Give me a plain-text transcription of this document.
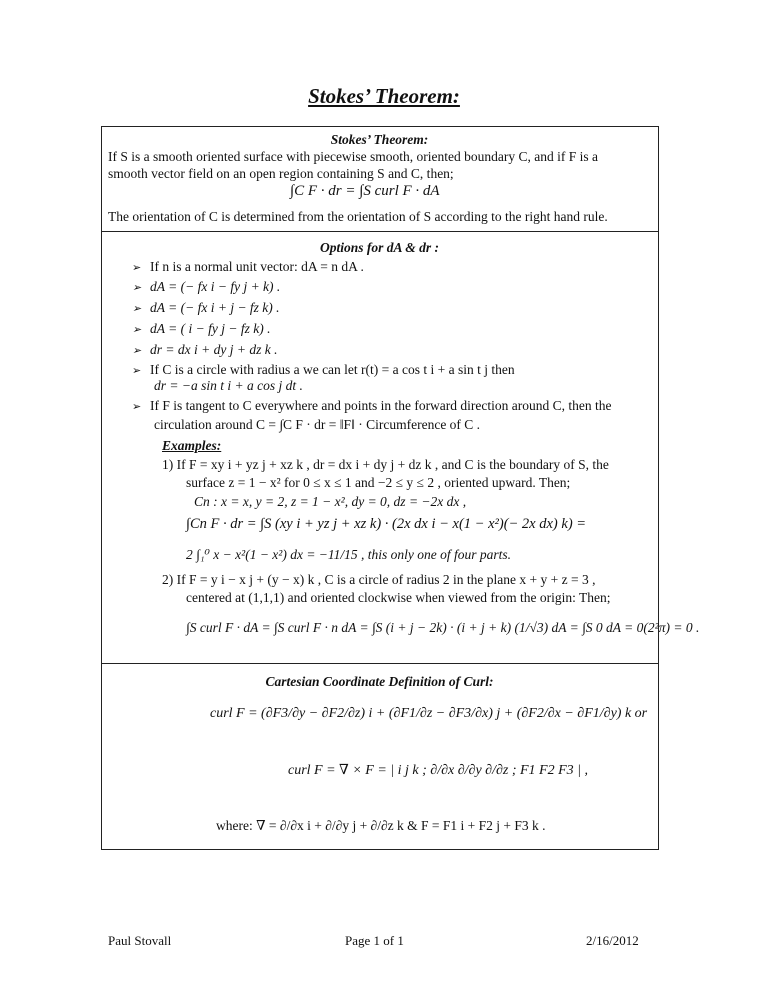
Stokes’ Theorem:
Stokes’ Theorem:
If S is a smooth oriented surface with piecewise smooth, oriented boundary C, and if F is a
smooth vector field on an open region containing S and C, then;
∫C F · dr = ∫S curl F · dA
The orientation of C is determined from the orientation of S according to the right hand rule.
Options for dA & dr :
➢ If n is a normal unit vector: dA = n dA .
➢ dA = (− fx i − fy j + k) .
➢ dA = (− fx i + j − fz k) .
➢ dA = ( i − fy j − fz k) .
➢ dr = dx i + dy j + dz k .
➢ If C is a circle with radius a we can let r(t) = a cos t i + a sin t j then
dr = −a sin t i + a cos j dt .
➢ If F is tangent to C everywhere and points in the forward direction around C, then the
circulation around C = ∫C F · dr = ‖F‖ · Circumference of C .
Examples:
1) If F = xy i + yz j + xz k , dr = dx i + dy j + dz k , and C is the boundary of S, the
surface z = 1 − x² for 0 ≤ x ≤ 1 and −2 ≤ y ≤ 2 , oriented upward. Then;
Cn : x = x, y = 2, z = 1 − x², dy = 0, dz = −2x dx ,
∫Cn F · dr = ∫S (xy i + yz j + xz k) · (2x dx i − x(1 − x²)(− 2x dx) k) =
2 ∫₁⁰ x − x²(1 − x²) dx = −11/15 , this only one of four parts.
2) If F = y i − x j + (y − x) k , C is a circle of radius 2 in the plane x + y + z = 3 ,
centered at (1,1,1) and oriented clockwise when viewed from the origin: Then;
∫S curl F · dA = ∫S curl F · n dA = ∫S (i + j − 2k) · (i + j + k) (1/√3) dA = ∫S 0 dA = 0(2²π) = 0 .
Cartesian Coordinate Definition of Curl:
curl F = (∂F3/∂y − ∂F2/∂z) i + (∂F1/∂z − ∂F3/∂x) j + (∂F2/∂x − ∂F1/∂y) k or
curl F = ∇ × F = | i j k ; ∂/∂x ∂/∂y ∂/∂z ; F1 F2 F3 | ,
where: ∇ = ∂/∂x i + ∂/∂y j + ∂/∂z k & F = F1 i + F2 j + F3 k .
Paul Stovall	Page 1 of 1	2/16/2012
